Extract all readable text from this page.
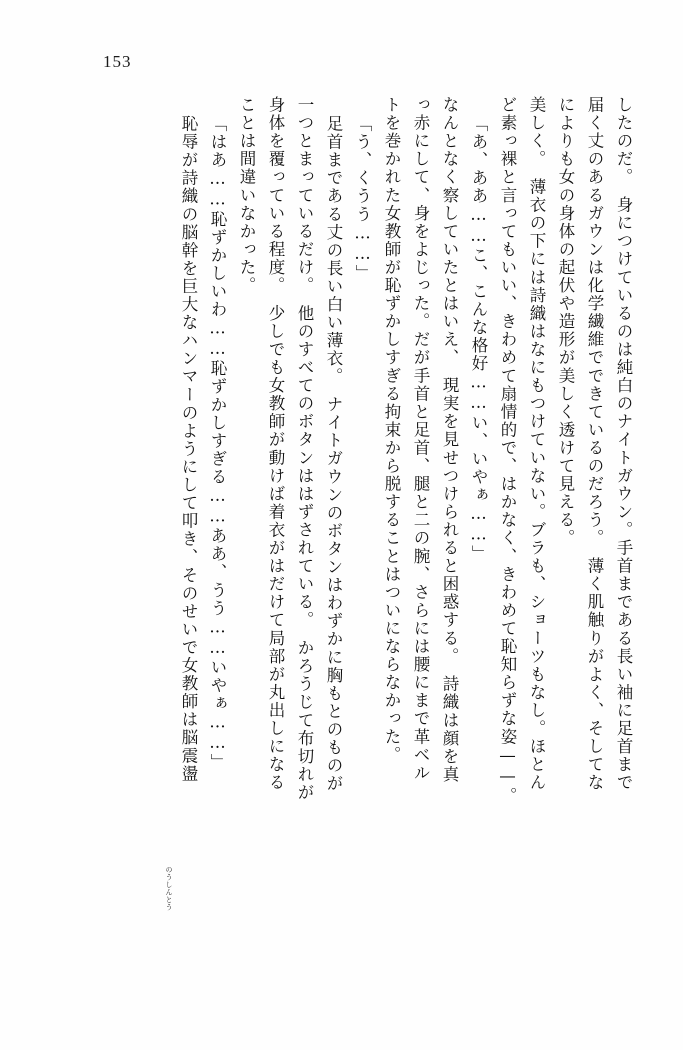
153
したのだ。　身につけているのは純白のナイトガウン。手首まである長い袖に足首まで
届く丈のあるガウンは化学繊維でできているのだろう。　薄く肌触りがよく、そしてな
によりも女の身体の起伏や造形が美しく透けて見える。
美しく。　薄衣の下には詩織はなにもつけていない。ブラも、ショーツもなし。ほとん
ど素っ裸と言ってもいい、きわめて扇情的で、はかなく、きわめて恥知らずな姿——。
「あ、ああ……こ、こんな格好……い、いやぁ……」
なんとなく察していたとはいえ、　現実を見せつけられると困惑する。　詩織は顔を真
っ赤にして、身をよじった。だが手首と足首、腿と二の腕、さらには腰にまで革ベル
トを巻かれた女教師が恥ずかしすぎる拘束から脱することはついにならなかった。
「う、くうう……」
足首まである丈の長い白い薄衣。　ナイトガウンのボタンはわずかに胸もとのものが
一つとまっているだけ。　他のすべてのボタンははずされている。　かろうじて布切れが
身体を覆っている程度。　少しでも女教師が動けば着衣がはだけて局部が丸出しになる
ことは間違いなかった。
「はあ……恥ずかしいわ……恥ずかしすぎる……ああ、うう……いやぁ……」
恥辱が詩織の脳幹を巨大なハンマーのようにして叩き、そのせいで女教師は脳震盪
のうしんとう
